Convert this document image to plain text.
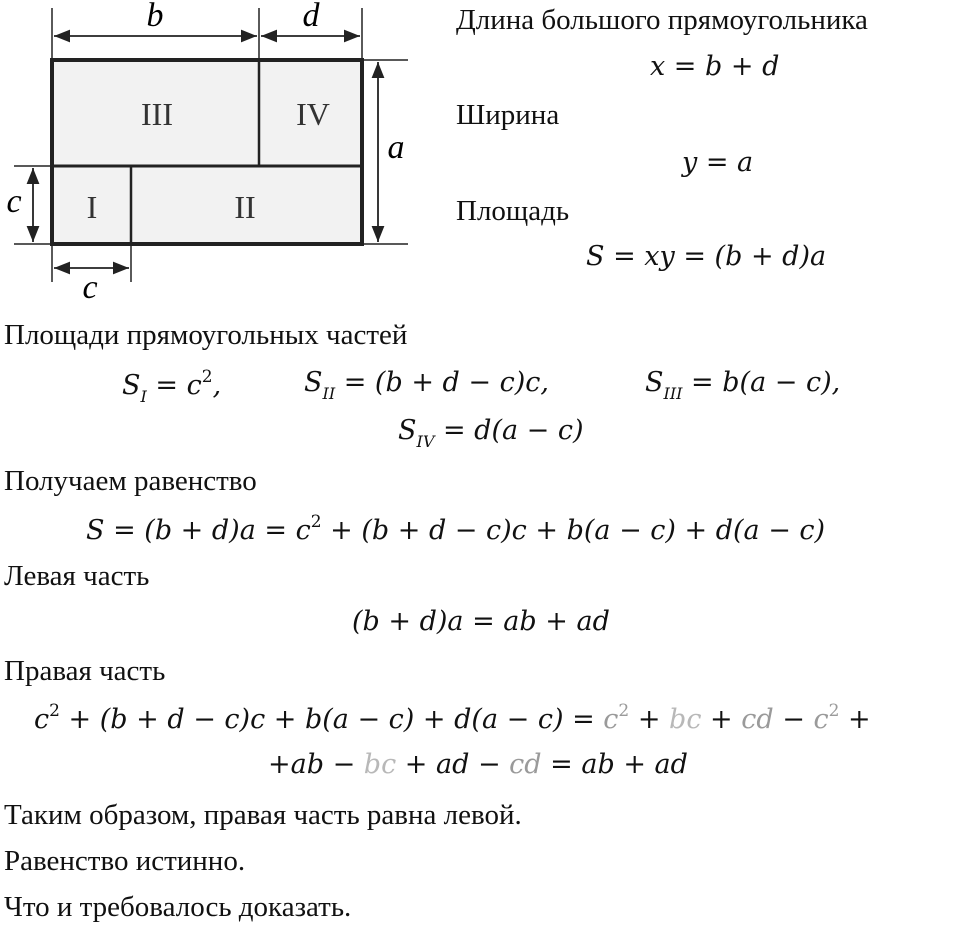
b	d
a
c
c
III	IV
I	II
Длина большого прямоугольника
x = b + d
Ширина
y = a
Площадь
S = xy = (b + d)a
Площади прямоугольных частей
$S_I = c^2$,	$S_{II} = (b + d - c)c$,	$S_{III} = b(a - c)$,
$S_{IV} = d(a - c)$
Получаем равенство
$S = (b + d)a = c^2 + (b + d - c)c + b(a - c) + d(a - c)$
Левая часть
(b + d)a = ab + ad
Правая часть
$c^2 + (b + d - c)c + b(a - c) + d(a - c) = c^2$ + bc + cd − $c^2$ +
+ab − bc + ad − cd = ab + ad
Таким образом, правая часть равна левой.
Равенство истинно.
Что и требовалось доказать.
